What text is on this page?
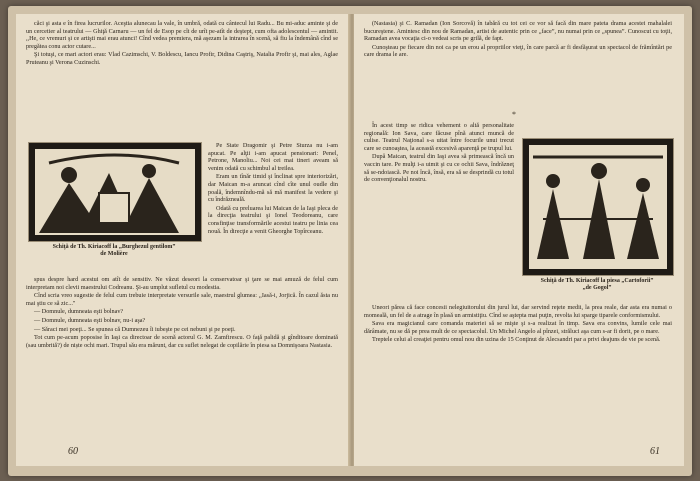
căci şi asta e în firea lucrurilor. Aceştia alunecau la vale, în umbră, odată cu cântecul lui Radu... Bu mi-aduc aminte şi de un cercetier al teatrului — Ghiţă Carnaru — un fel de Esop pe cît de urît pe-atît de deştept, cum ofta adolescentul — amintit. ,,He, ce vremuri şi ce artişti mai erau atunci! Cînd vedea premiera, mă aşezam la intrarea în scenă, să fiu la îndemână cînd se pregătea conu actor cutare...

Şi totuşi, ce mari actori erau: Vlad Cazimschi, V. Boldescu, Iancu Profir, Didina Caştriş, Natalia Profir şi, mai ales, Aglae Pruteanu şi Verona Cuzinschi.

Schiţă de Th. Kiriacoff la „Burghezul gentilom”
de Molière

Pe State Dragomir şi Petre Sturza nu i-am apucat. Pe alţii i-am apucat pensionari: Penel, Petrone, Manoliu... Noi cei mai tineri aveam să venim odată cu schimbul al treilea.

Eram un tînăr timid şi înclinat spre interiorizări, dar Maican m-a aruncat cînd cîte unul oudle din poală, îndemnîndu-mă să mă manifest la vedere şi cu îndrăzneală.

Odată cu preluarea lui Maican de la Iaşi pleca de la direcţia teatrului şi Ionel Teodoreanu, care consfinţise transformările acestui teatru pe linia cea nouă. În direcţie a venit Gheorghe Topîrceanu.

spus despre hard acestui om atît de sensitiv. Ne văzut deseori la conservatoar şi ţare se mai amuză de felul cum interpretam noi clevii maestrului Codreanu. Şi-au umplut sufletul cu modestia.

Cînd scria vreo sugestie de felul cum trebuie interpretate versurile sale, maestrul glumea: ,,Iasă-i, Jorjică. În cazul ăsta nu mai ştiu ce să zic...''

— Domnule, dumneata eşti bolnav?

— Domnule, dumneata eşti bolnav, nu-i aşa?

— Săraci mei poeţi... Se spunea că Dumnezeu îi iubeşte pe cei nebuni şi pe poeţi.

Tot cum pe-acum poposise în Iaşi ca directoar de scenă actorul G. M. Zamfirescu. O faţă palidă şi gînditoare dominată (sau umbrită?) de niște ochi mari. Trupul său era mărunt, dar cu suflet nelegat de copilărie în piesa sa Domnişoara Nastasia.

60

(Nastasia) şi C. Ramadan (Ion Sorcovă) în tabără cu tot cei ce vor să facă din mare pateta drama acestei mahalalei bucureştene. Amintesc din nou de Ramadan, artist de autentic prin ce „face”, nu numai prin ce „spunea”. Cunoscut cu toţii, Ramadan avea vocaţia ci-o vedeai scris pe grilă, de fapt.

Cunoşteau pe fiecare din noi ca pe un erou al propriilor vieţi, în care parcă ar fi desfăşurat un spectacol de frămîntări pe care drama le are.

*

În acest timp se ridica vehement o altă personalitate regională: Ion Sava, care făcuse pînă atunci muncă de culise. Teatrul Naţional s-a uitat între focurile unui trecut care se cunoaştea, la această excesivă aparenţă pe trupul lui.

Dupǎ Maican, teatrul din Iaşi avea să primească încă un vaccin tare. Pe mulţi i-a uimit şi cu ce ochii Sava, îndrăzneţ să se-ndoiască. Pe noi încă, însă, era să se desprindă cu totul de convenţionalul nostru.

Schiţă de Th. Kiriacoff la piesa „Cartoforii”
„de Gogol”

Uneori părea că face concesii nelegiuitorului din jurul lui, dar servind reţete medii, la prea reale, dar asta era numai o momeală, un fel de a atrage în plasă un armistiţiu. Cînd se aştepta mai puţin, revolta lui sparge tiparele conformismului.

Sava era magicianul care comanda materiei să se mişte şi s-a realizat în timp. Sava era convins, lumile cele mai dărâmate, nu se dă pe prea mult de ce spectacolul. Un Michel Angelo al pînzei, străluci aşa cum s-ar fi dorit, pe o mare.

Treptele celui al creaţiei pentru omul nou din uzina de 15 Conţinut de Alecsandri par a privi deajuns de vie pe scenă.

61
